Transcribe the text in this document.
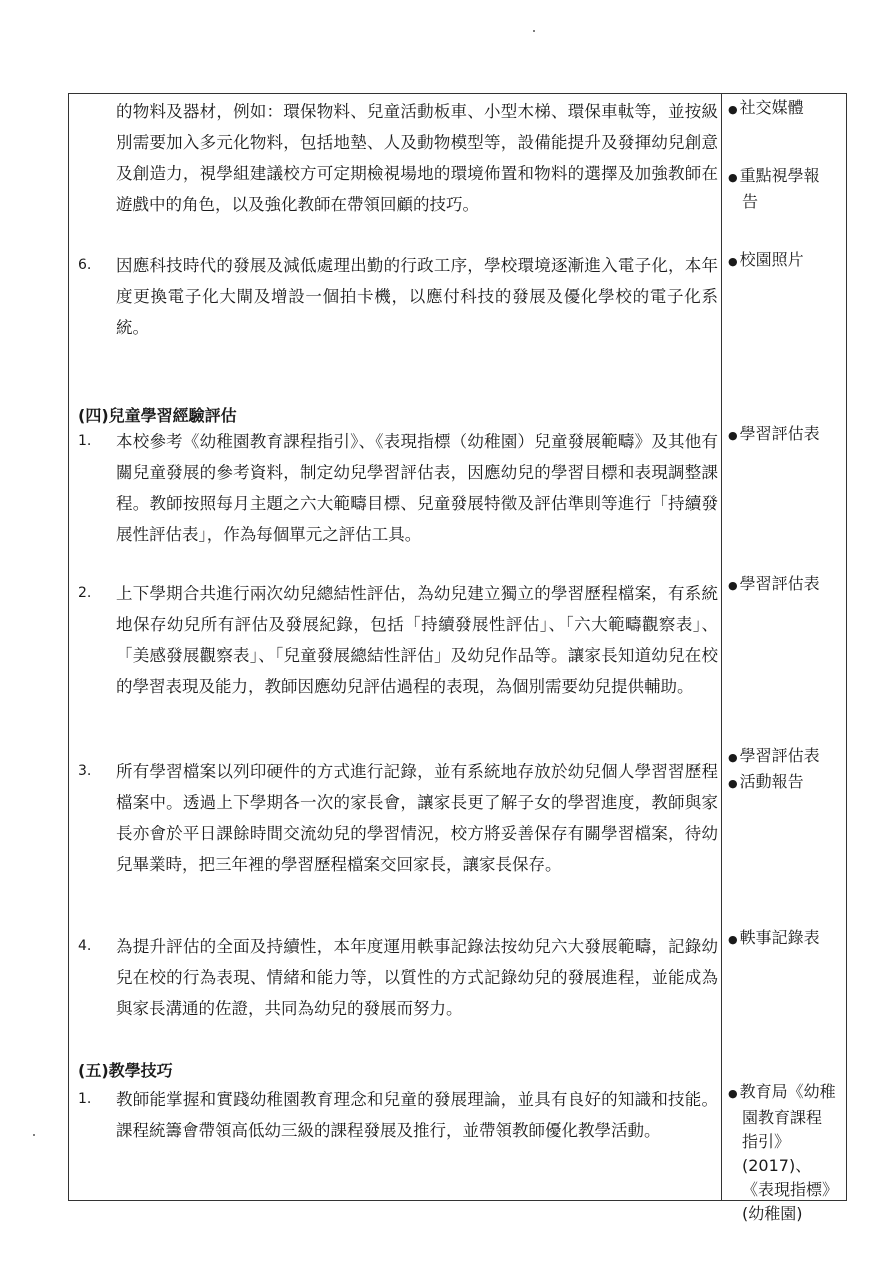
的物料及器材，例如：環保物料、兒童活動板車、小型木梯、環保車軚等，並按級別需要加入多元化物料，包括地墊、人及動物模型等，設備能提升及發揮幼兒創意及創造力，視學組建議校方可定期檢視場地的環境佈置和物料的選擇及加強教師在遊戲中的角色，以及強化教師在帶領回顧的技巧。
6. 因應科技時代的發展及減低處理出勤的行政工序，學校環境逐漸進入電子化，本年度更換電子化大閘及增設一個拍卡機，以應付科技的發展及優化學校的電子化系統。
(四)兒童學習經驗評估
1. 本校參考《幼稚園教育課程指引》、《表現指標（幼稚園）兒童發展範疇》及其他有關兒童發展的參考資料，制定幼兒學習評估表，因應幼兒的學習目標和表現調整課程。教師按照每月主題之六大範疇目標、兒童發展特徵及評估準則等進行「持續發展性評估表」，作為每個單元之評估工具。
2. 上下學期合共進行兩次幼兒總結性評估，為幼兒建立獨立的學習歷程檔案，有系統地保存幼兒所有評估及發展紀錄，包括「持續發展性評估」、「六大範疇觀察表」、「美感發展觀察表」、「兒童發展總結性評估」及幼兒作品等。讓家長知道幼兒在校的學習表現及能力，教師因應幼兒評估過程的表現，為個別需要幼兒提供輔助。
3. 所有學習檔案以列印硬件的方式進行記錄，並有系統地存放於幼兒個人學習習歷程檔案中。透過上下學期各一次的家長會，讓家長更了解子女的學習進度，教師與家長亦會於平日課餘時間交流幼兒的學習情況，校方將妥善保存有關學習檔案，待幼兒畢業時，把三年裡的學習歷程檔案交回家長，讓家長保存。
4. 為提升評估的全面及持續性，本年度運用軼事記錄法按幼兒六大發展範疇，記錄幼兒在校的行為表現、情緒和能力等，以質性的方式記錄幼兒的發展進程，並能成為與家長溝通的佐證，共同為幼兒的發展而努力。
(五)教學技巧
1. 教師能掌握和實踐幼稚園教育理念和兒童的發展理論，並具有良好的知識和技能。課程統籌會帶領高低幼三級的課程發展及推行，並帶領教師優化教學活動。
● 社交媒體
● 重點視學報
告
● 校園照片
● 學習評估表
● 學習評估表
● 學習評估表
● 活動報告
● 軼事記錄表
● 教育局《幼稚
園教育課程
指引》(2017)、
《表現指標》
(幼稚園)
